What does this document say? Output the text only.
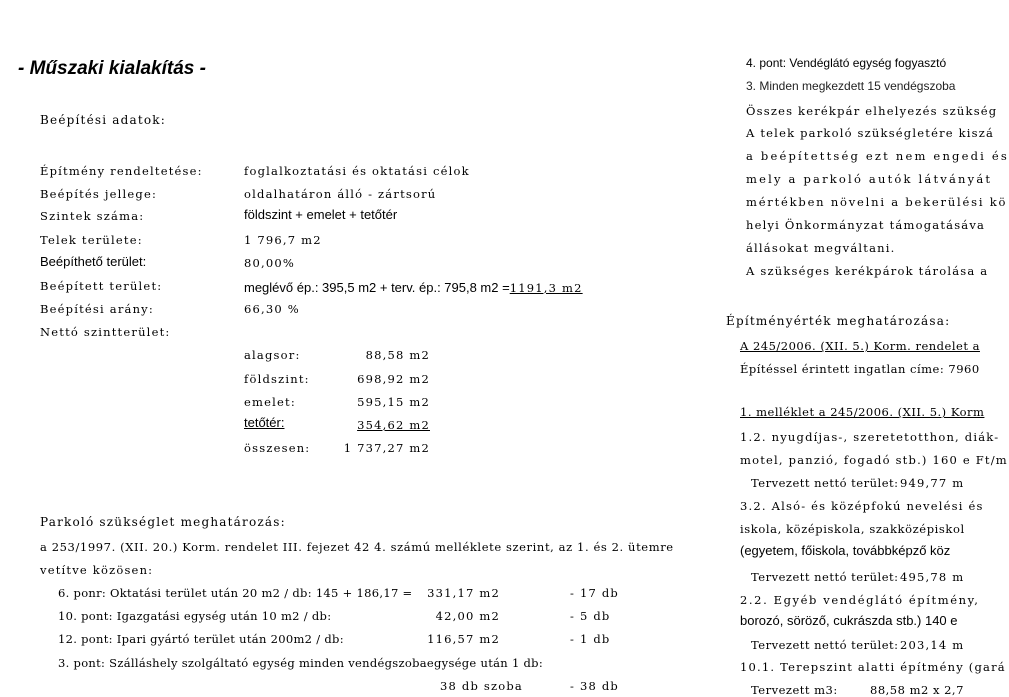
- Műszaki kialakítás -
Beépítési adatok:
Építmény rendeltetése:	foglalkoztatási és oktatási célok
Beépítés jellege:	oldalhatáron álló - zártsorú
Szintek száma:	földszint + emelet + tetőtér
Telek területe:	1 796,7 m2
Beépíthető terület:	80,00%
Beépített terület:	meglévő ép.: 395,5 m2 + terv. ép.: 795,8 m2 =1191,3 m2
Beépítési arány:	66,30 %
Nettó szintterület:
alagsor:	88,58 m2
földszint:	698,92 m2
emelet:	595,15 m2
tetőtér:	354,62 m2
összesen:	1 737,27 m2
Parkoló szükséglet meghatározás:
a 253/1997. (XII. 20.) Korm. rendelet III. fejezet 42 4. számú melléklete szerint, az 1. és 2. ütemre
vetítve közösen:
6. ponr: Oktatási terület után 20 m2 / db: 145 + 186,17 =	331,17 m2	- 17 db
10. pont: Igazgatási egység után 10 m2 / db:	42,00 m2	- 5 db
12. pont: Ipari gyártó terület után 200m2 / db:	116,57 m2	- 1 db
3. pont: Szálláshely szolgáltató egység minden vendégszobaegysége után 1 db:
38 db szoba	- 38 db
4. pont: Vendéglátó egység fogyasztó
3. Minden megkezdett 15 vendégszoba
Összes kerékpár elhelyezés szükség
A telek parkoló szükségletére kiszá
a beépítettség ezt nem engedi és
mely a parkoló autók látványát
mértékben növelni a bekerülési kö
helyi Önkormányzat támogatásáva
állásokat megváltani.
A szükséges kerékpárok tárolása a
Építményérték meghatározása:
A 245/2006. (XII. 5.) Korm. rendelet a
Építéssel érintett ingatlan címe: 7960
1. melléklet a 245/2006. (XII. 5.) Korm
1.2. nyugdíjas-, szeretetotthon, diák-
motel, panzió, fogadó stb.) 160 e Ft/m
Tervezett nettó terület: 949,77 m
3.2. Alsó- és középfokú nevelési és
iskola, középiskola, szakközépiskol
(egyetem, főiskola, továbbképző köz
Tervezett nettó terület: 495,78 m
2.2. Egyéb vendéglátó építmény,
borozó, söröző, cukrászda stb.) 140 e
Tervezett nettó terület: 203,14 m
10.1. Terepszint alatti építmény (gará
Tervezett m3:	88,58 m2 x 2,7
